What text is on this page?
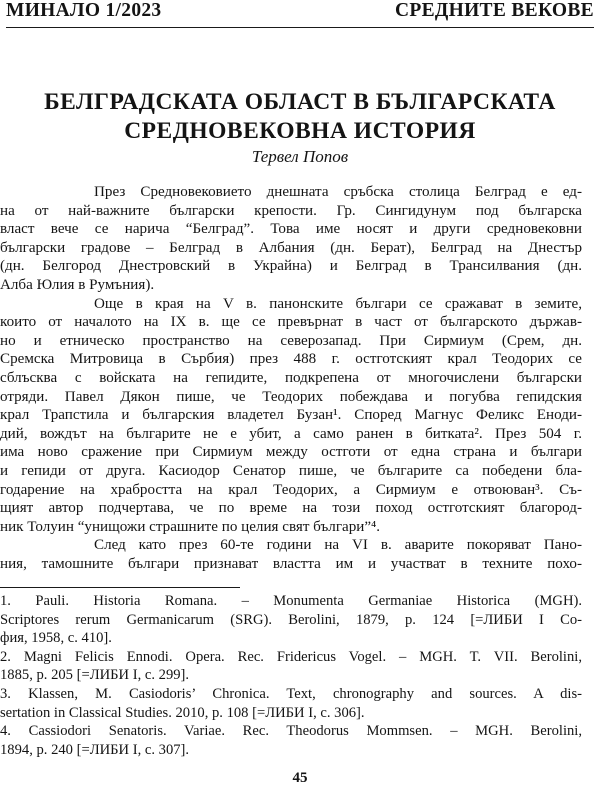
МИНАЛО 1/2023	СРЕДНИТЕ ВЕКОВЕ
БЕЛГРАДСКАТА ОБЛАСТ В БЪЛГАРСКАТА
СРЕДНОВЕКОВНА ИСТОРИЯ
Тервел Попов

През Средновековието днешната сръбска столица Белград е ед-

на от най-важните български крепости. Гр. Сингидунум под българска

власт вече се нарича “Белград”. Това име носят и други средновековни

български градове – Белград в Албания (дн. Берат), Белград на Днестър

(дн. Белгород Днестровский в Украйна) и Белград в Трансилвания (дн.

Алба Юлия в Румъния).

Още в края на V в. панонските българи се сражават в земите,

които от началото на IX в. ще се превърнат в част от българското държав-

но и етническо пространство на северозапад. При Сирмиум (Срем, дн.

Сремска Митровица в Сърбия) през 488 г. остготският крал Теодорих се

сблъсква с войската на гепидите, подкрепена от многочислени български

отряди. Павел Дякон пише, че Теодорих побеждава и погубва гепидския

крал Трапстила и българския владетел Бузан¹. Според Магнус Феликс Еноди-

дий, вождът на българите не е убит, а само ранен в битката². През 504 г.

има ново сражение при Сирмиум между остготи от една страна и българи

и гепиди от друга. Касиодор Сенатор пише, че българите са победени бла-

годарение на храбростта на крал Теодорих, а Сирмиум е отвоюван³. Съ-

щият автор подчертава, че по време на този поход остготският благород-

ник Толуин “унищожи страшните по целия свят българи”⁴.

След като през 60-те години на VI в. аварите покоряват Пано-

ния, тамошните българи признават властта им и участват в техните похо-

1. Pauli. Historia Romana. – Monumenta Germaniae Historica (MGH).

Scriptores rerum Germanicarum (SRG). Berolini, 1879, p. 124 [=ЛИБИ I Со-

фия, 1958, с. 410].

2. Magni Felicis Ennodi. Opera. Rec. Fridericus Vogel. – MGH. T. VII. Berolini,

1885, p. 205 [=ЛИБИ I, с. 299].

3. Klassen, M. Casiodoris’ Chronica. Text, chronography and sources. A dis-

sertation in Classical Studies. 2010, p. 108 [=ЛИБИ I, с. 306].

4. Cassiodori Senatoris. Variae. Rec. Theodorus Mommsen. – MGH. Berolini,

1894, p. 240 [=ЛИБИ I, с. 307].

45
